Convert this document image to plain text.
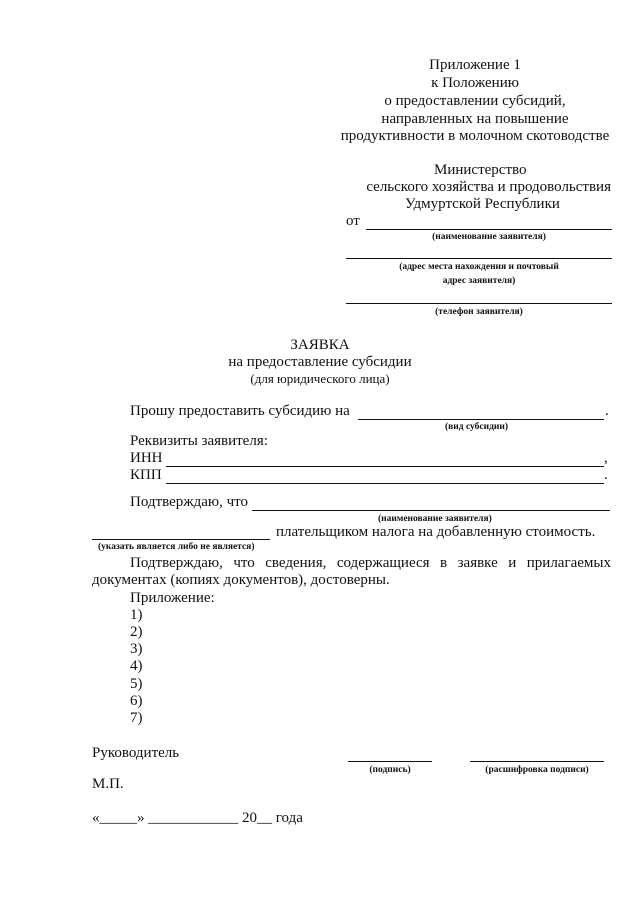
Приложение 1
к Положению
о предоставлении субсидий,
направленных на повышение
продуктивности в молочном скотоводстве
Министерство
сельского хозяйства и продовольствия
Удмуртской Республики
от
(наименование заявителя)
(адрес места нахождения и почтовый
адрес заявителя)
(телефон заявителя)
ЗАЯВКА
на предоставление субсидии
(для юридического лица)
Прошу предоставить субсидию на	.
(вид субсидии)
Реквизиты заявителя:
ИНН	,
КПП	.
Подтверждаю, что
(наименование заявителя)
плательщиком налога на добавленную стоимость.
(указать является либо не является)
Подтверждаю, что сведения, содержащиеся в заявке и прилагаемых
документах (копиях документов), достоверны.
Приложение:
1)
2)
3)
4)
5)
6)
7)
Руководитель
(подпись)	(расшифровка подписи)
М.П.
«_____» ____________ 20__ года
